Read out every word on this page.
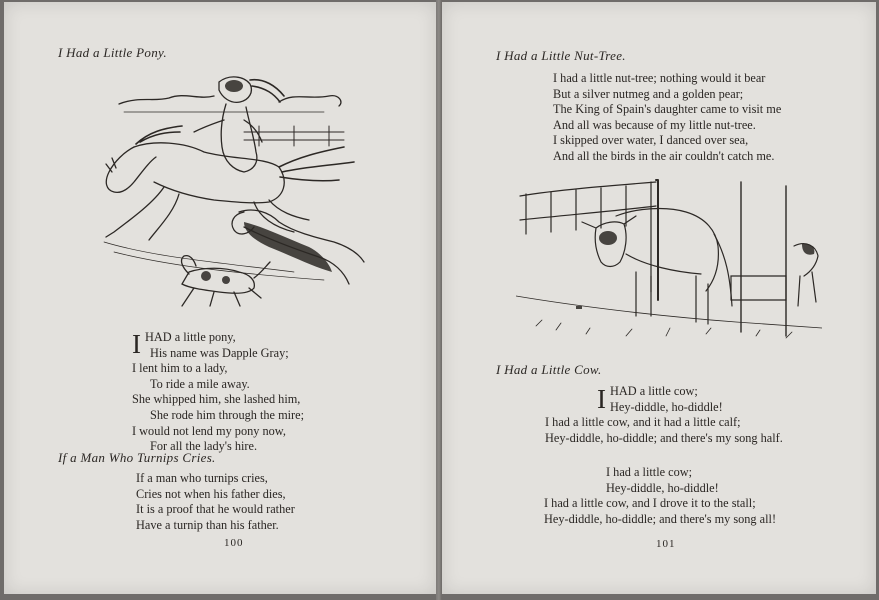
I Had a Little Pony.
I HAD a little pony,
His name was Dapple Gray;
I lent him to a lady,
To ride a mile away.
She whipped him, she lashed him,
She rode him through the mire;
I would not lend my pony now,
For all the lady's hire.
If a Man Who Turnips Cries.
If a man who turnips cries,
Cries not when his father dies,
It is a proof that he would rather
Have a turnip than his father.
100
I Had a Little Nut-Tree.
I had a little nut-tree; nothing would it bear
But a silver nutmeg and a golden pear;
The King of Spain's daughter came to visit me
And all was because of my little nut-tree.
I skipped over water, I danced over sea,
And all the birds in the air couldn't catch me.
I Had a Little Cow.
I HAD a little cow;
Hey-diddle, ho-diddle!
I had a little cow, and it had a little calf;
Hey-diddle, ho-diddle; and there's my song half.
I had a little cow;
Hey-diddle, ho-diddle!
I had a little cow, and I drove it to the stall;
Hey-diddle, ho-diddle; and there's my song all!
101
